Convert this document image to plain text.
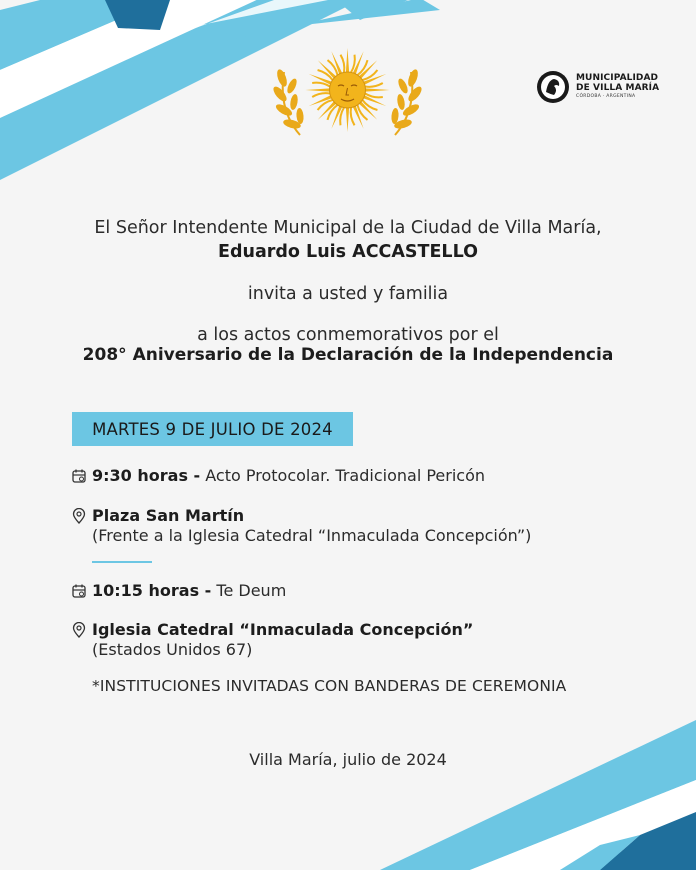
MUNICIPALIDAD
DE VILLA MARÍA
CÓRDOBA · ARGENTINA
El Señor Intendente Municipal de la Ciudad de Villa María,
Eduardo Luis ACCASTELLO
invita a usted y familia
a los actos conmemorativos por el
208° Aniversario de la Declaración de la Independencia
MARTES 9 DE JULIO DE 2024
9:30 horas - Acto Protocolar. Tradicional Pericón
Plaza San Martín
(Frente a la Iglesia Catedral “Inmaculada Concepción”)
10:15 horas - Te Deum
Iglesia Catedral “Inmaculada Concepción”
(Estados Unidos 67)
*INSTITUCIONES INVITADAS CON BANDERAS DE CEREMONIA
Villa María, julio de 2024
